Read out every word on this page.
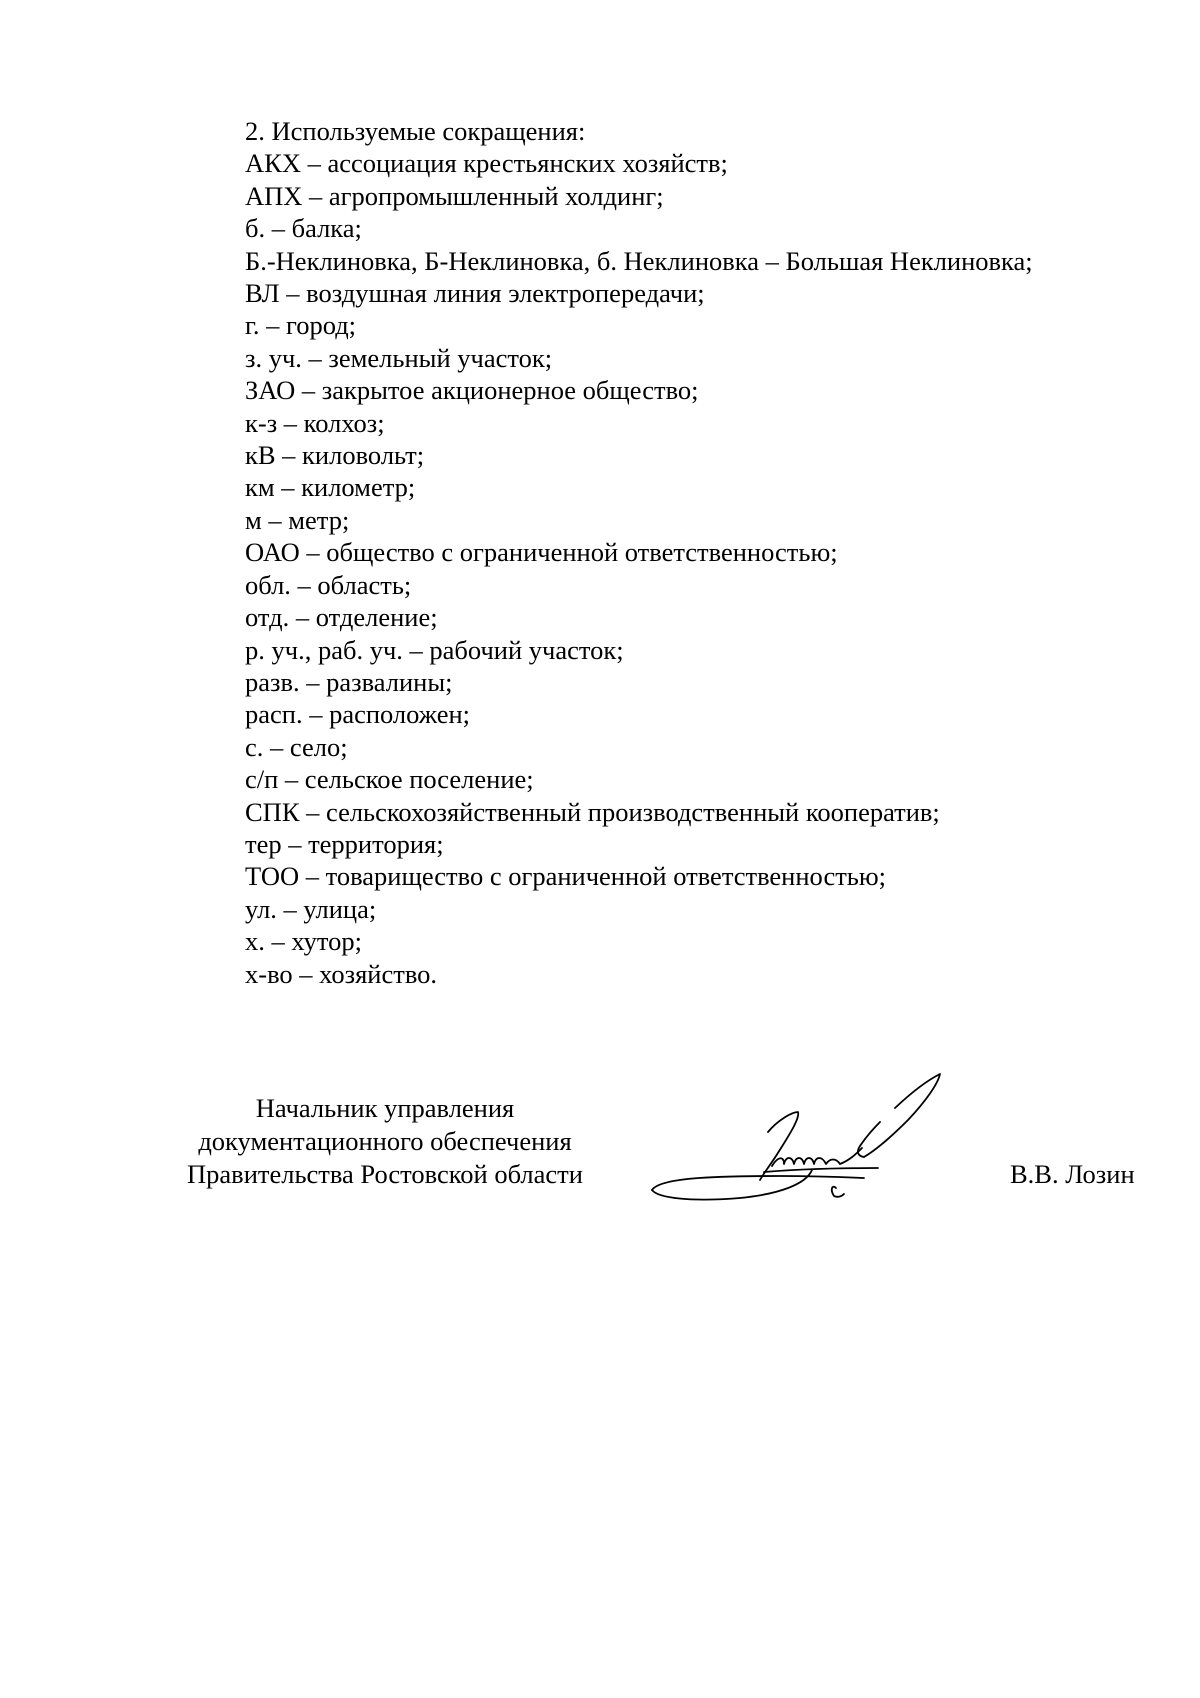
2. Используемые сокращения:
АКХ – ассоциация крестьянских хозяйств;
АПХ – агропромышленный холдинг;
б. – балка;
Б.-Неклиновка, Б-Неклиновка, б. Неклиновка – Большая Неклиновка;
ВЛ – воздушная линия электропередачи;
г. – город;
з. уч. – земельный участок;
ЗАО – закрытое акционерное общество;
к-з – колхоз;
кВ – киловольт;
км – километр;
м – метр;
ОАО – общество с ограниченной ответственностью;
обл. – область;
отд. – отделение;
р. уч., раб. уч. – рабочий участок;
разв. – развалины;
расп. – расположен;
с. – село;
с/п – сельское поселение;
СПК – сельскохозяйственный производственный кооператив;
тер – территория;
ТОО – товарищество с ограниченной ответственностью;
ул. – улица;
х. – хутор;
х-во – хозяйство.
Начальник управления
документационного обеспечения
Правительства Ростовской области	В.В. Лозин
